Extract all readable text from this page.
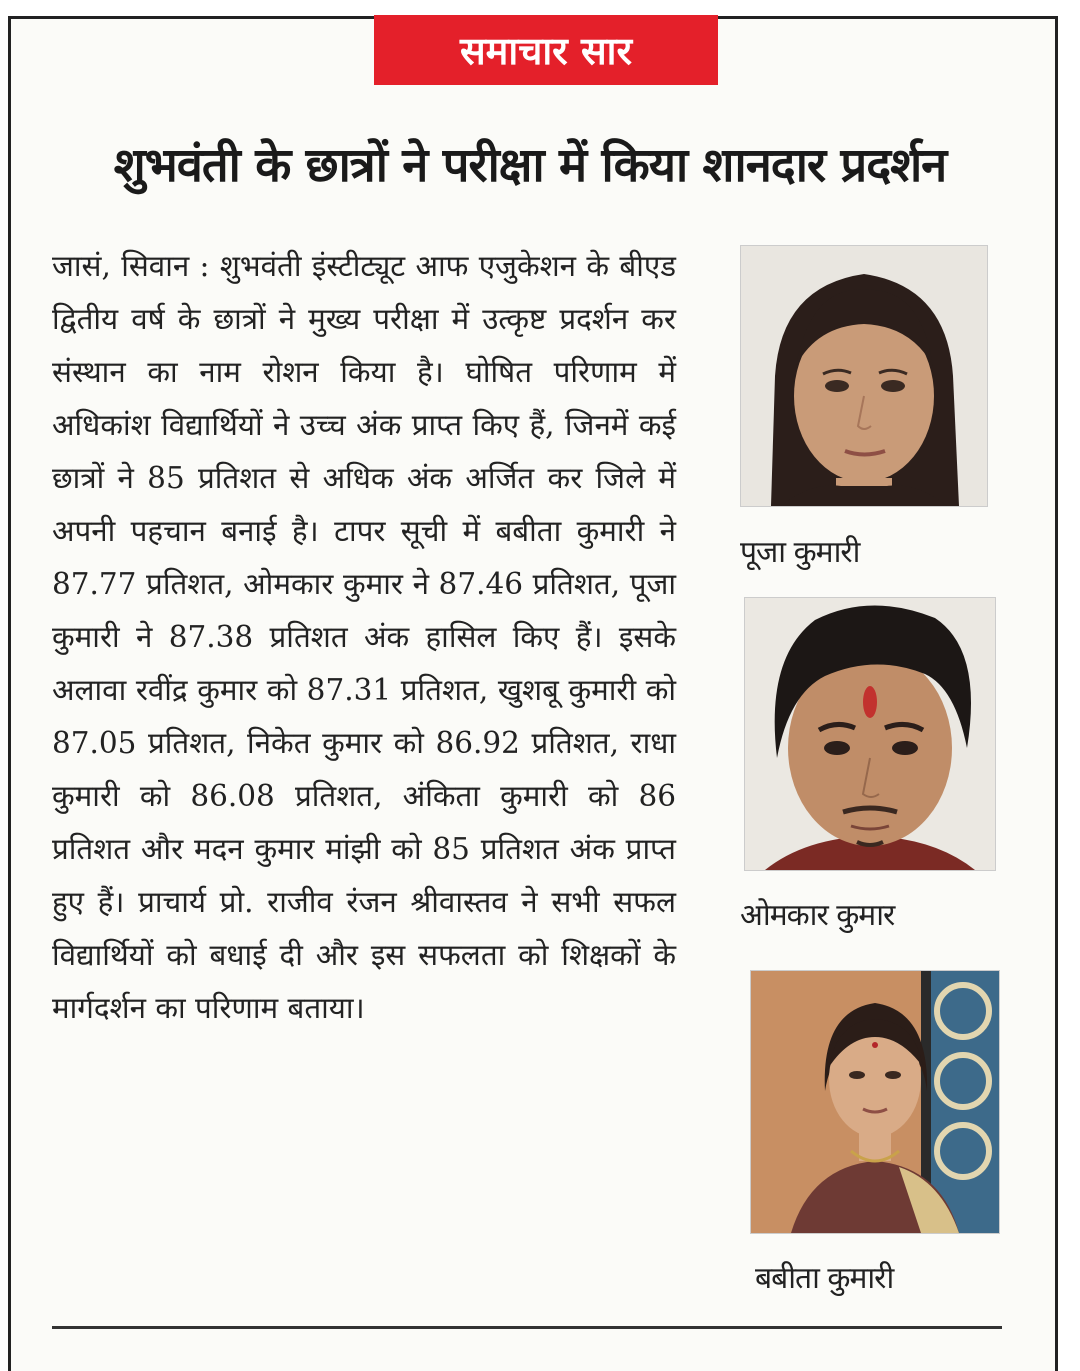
समाचार सार
शुभवंती के छात्रों ने परीक्षा में किया शानदार प्रदर्शन
जासं, सिवान : शुभवंती इंस्टीट्यूट आफ एजुकेशन के बीएड द्वितीय वर्ष के छात्रों ने मुख्य परीक्षा में उत्कृष्ट प्रदर्शन कर संस्थान का नाम रोशन किया है। घोषित परिणाम में अधिकांश विद्यार्थियों ने उच्च अंक प्राप्त किए हैं, जिनमें कई छात्रों ने 85 प्रतिशत से अधिक अंक अर्जित कर जिले में अपनी पहचान बनाई है। टापर सूची में बबीता कुमारी ने 87.77 प्रतिशत, ओमकार कुमार ने 87.46 प्रतिशत, पूजा कुमारी ने 87.38 प्रतिशत अंक हासिल किए हैं। इसके अलावा रवींद्र कुमार को 87.31 प्रतिशत, खुशबू कुमारी को 87.05 प्रतिशत, निकेत कुमार को 86.92 प्रतिशत, राधा कुमारी को 86.08 प्रतिशत, अंकिता कुमारी को 86 प्रतिशत और मदन कुमार मांझी को 85 प्रतिशत अंक प्राप्त हुए हैं। प्राचार्य प्रो. राजीव रंजन श्रीवास्तव ने सभी सफल विद्यार्थियों को बधाई दी और इस सफलता को शिक्षकों के मार्गदर्शन का परिणाम बताया।
पूजा कुमारी
ओमकार कुमार
बबीता कुमारी
